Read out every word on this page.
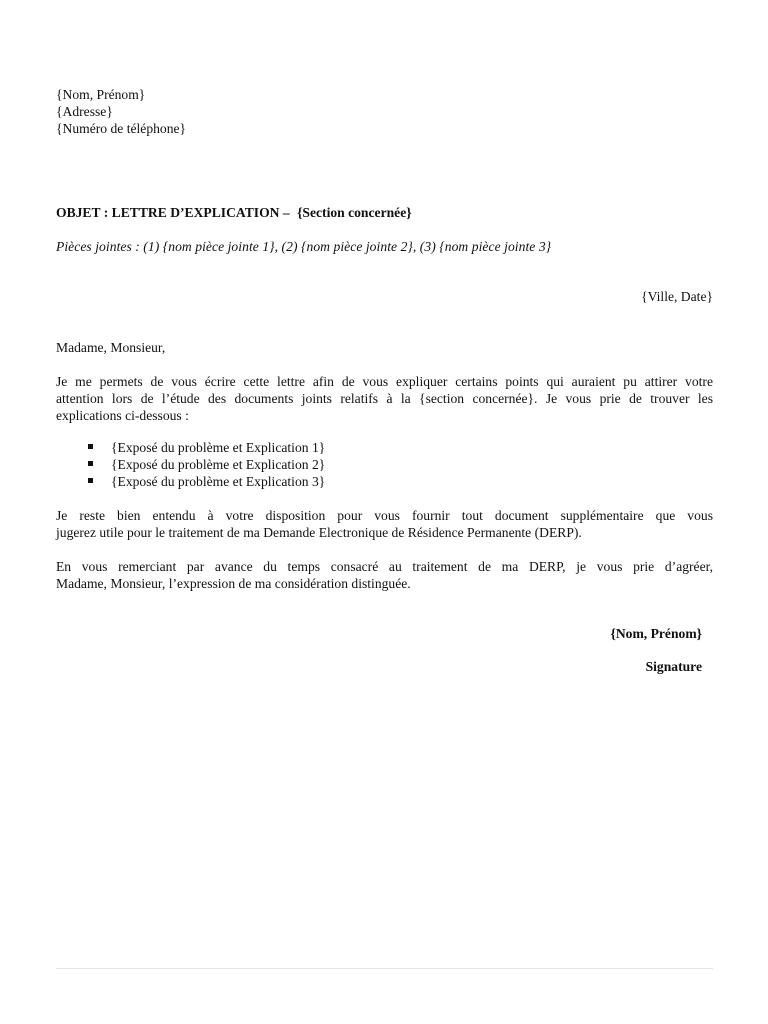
{Nom, Prénom}
{Adresse}
{Numéro de téléphone}
OBJET : LETTRE D’EXPLICATION – {Section concernée}
Pièces jointes : (1) {nom pièce jointe 1}, (2) {nom pièce jointe 2}, (3) {nom pièce jointe 3}
{Ville, Date}
Madame, Monsieur,
Je me permets de vous écrire cette lettre afin de vous expliquer certains points qui auraient pu attirer votre
attention lors de l’étude des documents joints relatifs à la {section concernée}. Je vous prie de trouver les
explications ci-dessous :
{Exposé du problème et Explication 1}
{Exposé du problème et Explication 2}
{Exposé du problème et Explication 3}
Je reste bien entendu à votre disposition pour vous fournir tout document supplémentaire que vous
jugerez utile pour le traitement de ma Demande Electronique de Résidence Permanente (DERP).
En vous remerciant par avance du temps consacré au traitement de ma DERP, je vous prie d’agréer,
Madame, Monsieur, l’expression de ma considération distinguée.
{Nom, Prénom}
Signature
